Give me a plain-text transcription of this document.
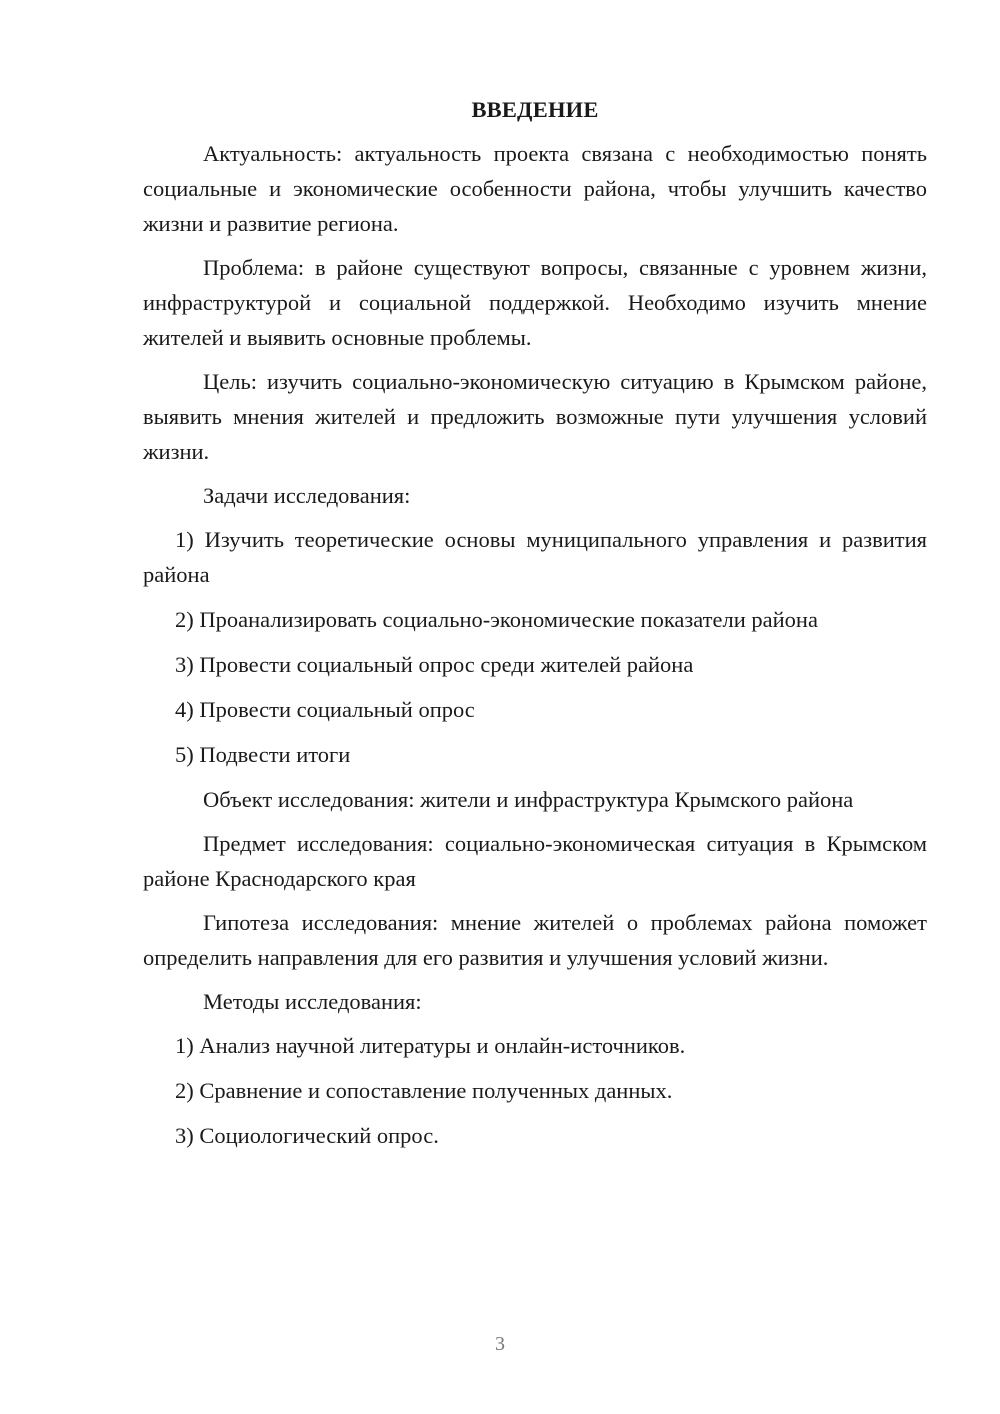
ВВЕДЕНИЕ

Актуальность: актуальность проекта связана с необходимостью понять социальные и экономические особенности района, чтобы улучшить качество жизни и развитие региона.

Проблема: в районе существуют вопросы, связанные с уровнем жизни, инфраструктурой и социальной поддержкой. Необходимо изучить мнение жителей и выявить основные проблемы.

Цель: изучить социально-экономическую ситуацию в Крымском районе, выявить мнения жителей и предложить возможные пути улучшения условий жизни.

Задачи исследования:

1) Изучить теоретические основы муниципального управления и развития района

2) Проанализировать социально-экономические показатели района

3) Провести социальный опрос среди жителей района

4) Провести социальный опрос

5) Подвести итоги

Объект исследования: жители и инфраструктура Крымского района

Предмет исследования: социально-экономическая ситуация в Крымском районе Краснодарского края

Гипотеза исследования: мнение жителей о проблемах района поможет определить направления для его развития и улучшения условий жизни.

Методы исследования:

1) Анализ научной литературы и онлайн-источников.

2) Сравнение и сопоставление полученных данных.

3) Социологический опрос.

3
